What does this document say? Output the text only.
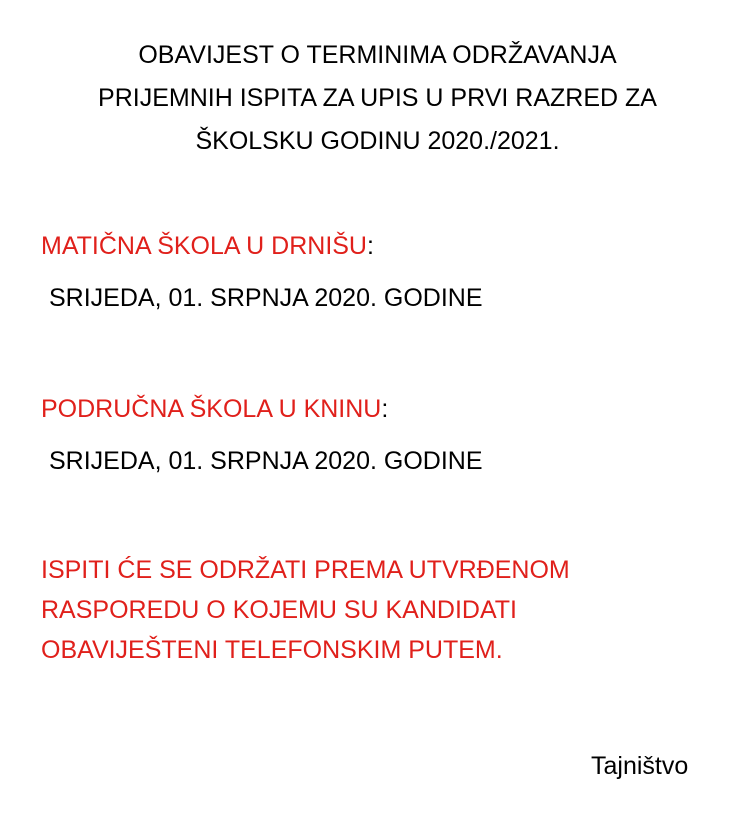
OBAVIJEST O TERMINIMA ODRŽAVANJA
PRIJEMNIH ISPITA ZA UPIS U PRVI RAZRED ZA
ŠKOLSKU GODINU 2020./2021.
MATIČNA ŠKOLA U DRNIŠU:
SRIJEDA, 01. SRPNJA 2020. GODINE
PODRUČNA ŠKOLA U KNINU:
SRIJEDA, 01. SRPNJA 2020. GODINE
ISPITI ĆE SE ODRŽATI PREMA UTVRĐENOM
RASPOREDU O KOJEMU SU KANDIDATI
OBAVIJEŠTENI TELEFONSKIM PUTEM.
Tajništvo
